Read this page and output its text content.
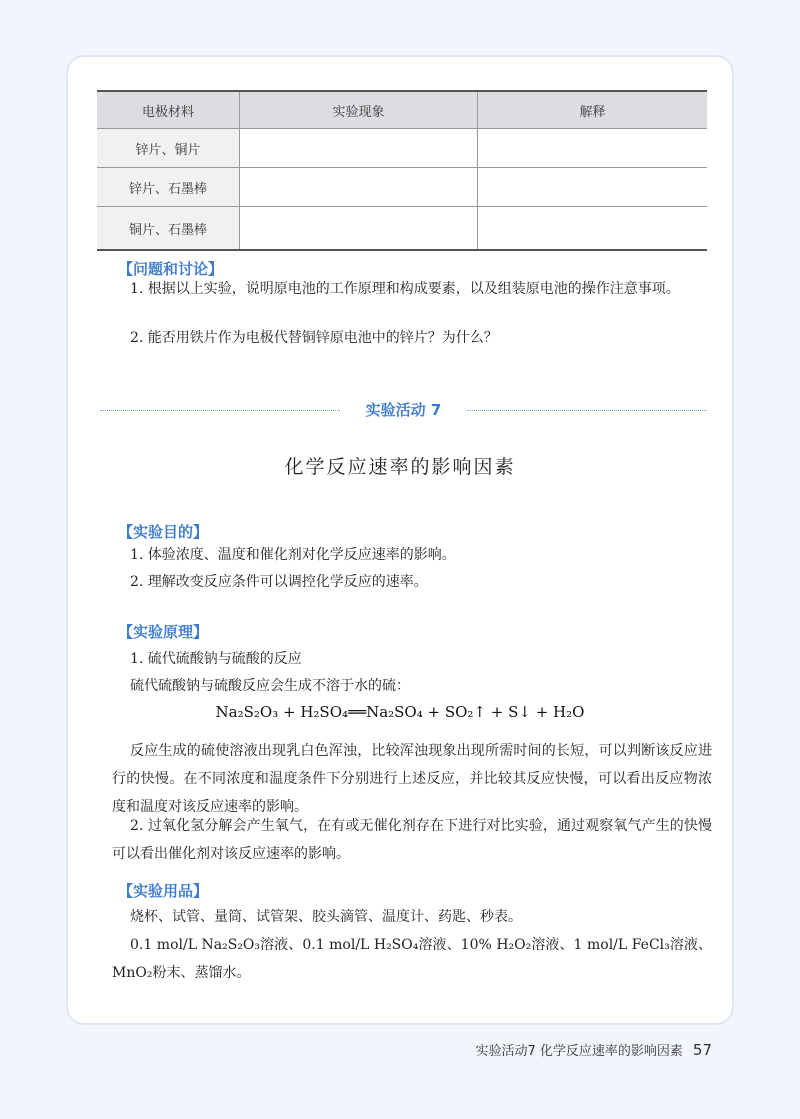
电极材料	实验现象	解释
锌片、铜片		
锌片、石墨棒		
铜片、石墨棒		
【问题和讨论】
1. 根据以上实验，说明原电池的工作原理和构成要素，以及组装原电池的操作注意事项。
2. 能否用铁片作为电极代替铜锌原电池中的锌片？为什么？
实验活动 7
化学反应速率的影响因素
【实验目的】
1. 体验浓度、温度和催化剂对化学反应速率的影响。
2. 理解改变反应条件可以调控化学反应的速率。
【实验原理】
1. 硫代硫酸钠与硫酸的反应
硫代硫酸钠与硫酸反应会生成不溶于水的硫：
Na₂S₂O₃ + H₂SO₄══Na₂SO₄ + SO₂↑ + S↓ + H₂O
反应生成的硫使溶液出现乳白色浑浊，比较浑浊现象出现所需时间的长短，可以判断该反应进行的快慢。在不同浓度和温度条件下分别进行上述反应，并比较其反应快慢，可以看出反应物浓度和温度对该反应速率的影响。
2. 过氧化氢分解会产生氧气，在有或无催化剂存在下进行对比实验，通过观察氧气产生的快慢可以看出催化剂对该反应速率的影响。
【实验用品】
烧杯、试管、量筒、试管架、胶头滴管、温度计、药匙、秒表。
0.1 mol/L Na₂S₂O₃溶液、0.1 mol/L H₂SO₄溶液、10% H₂O₂溶液、1 mol/L FeCl₃溶液、MnO₂粉末、蒸馏水。
实验活动7 化学反应速率的影响因素 57
